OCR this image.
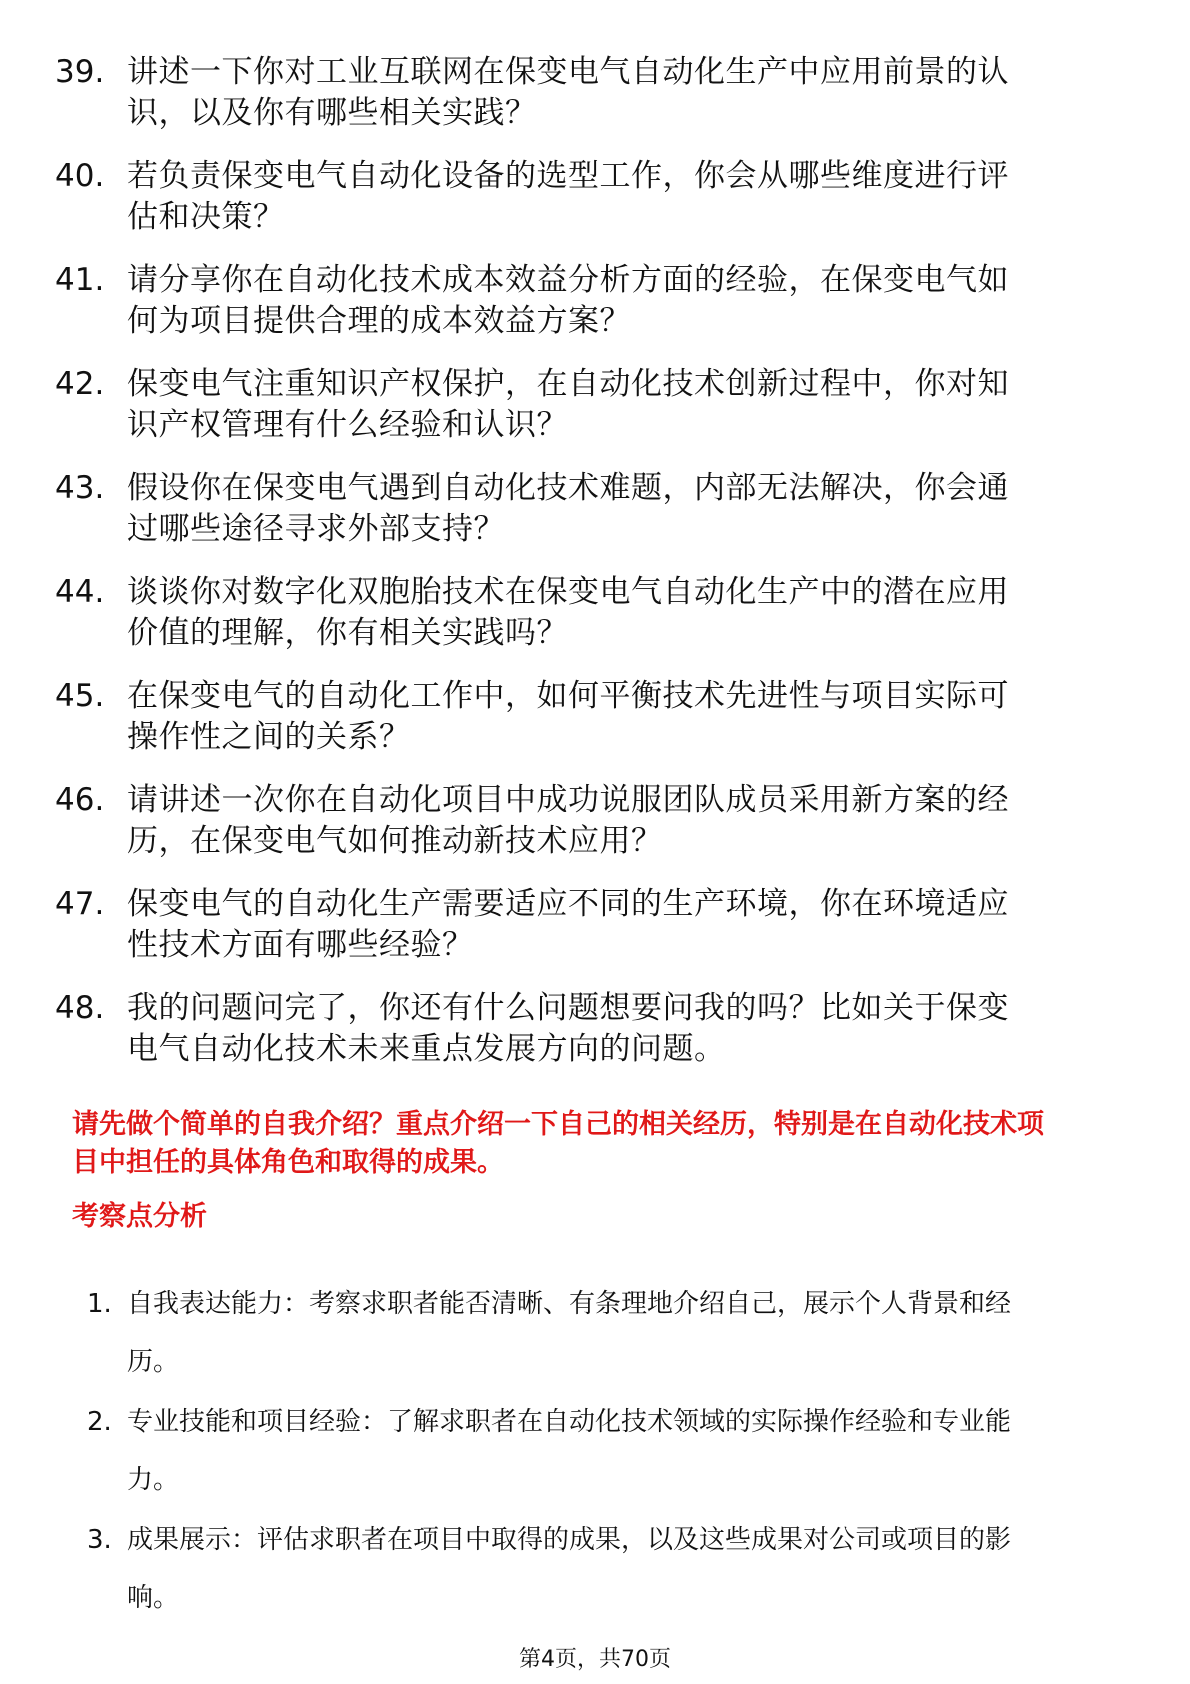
39. 讲述一下你对工业互联网在保变电气自动化生产中应用前景的认
识，以及你有哪些相关实践？
40. 若负责保变电气自动化设备的选型工作，你会从哪些维度进行评
估和决策？
41. 请分享你在自动化技术成本效益分析方面的经验，在保变电气如
何为项目提供合理的成本效益方案？
42. 保变电气注重知识产权保护，在自动化技术创新过程中，你对知
识产权管理有什么经验和认识？
43. 假设你在保变电气遇到自动化技术难题，内部无法解决，你会通
过哪些途径寻求外部支持？
44. 谈谈你对数字化双胞胎技术在保变电气自动化生产中的潜在应用
价值的理解，你有相关实践吗？
45. 在保变电气的自动化工作中，如何平衡技术先进性与项目实际可
操作性之间的关系？
46. 请讲述一次你在自动化项目中成功说服团队成员采用新方案的经
历，在保变电气如何推动新技术应用？
47. 保变电气的自动化生产需要适应不同的生产环境，你在环境适应
性技术方面有哪些经验？
48. 我的问题问完了，你还有什么问题想要问我的吗？比如关于保变
电气自动化技术未来重点发展方向的问题。
请先做个简单的自我介绍？重点介绍一下自己的相关经历，特别是在自动化技术项
目中担任的具体角色和取得的成果。
考察点分析
1. 自我表达能力：考察求职者能否清晰、有条理地介绍自己，展示个人背景和经
历。
2. 专业技能和项目经验：了解求职者在自动化技术领域的实际操作经验和专业能
力。
3. 成果展示：评估求职者在项目中取得的成果，以及这些成果对公司或项目的影
响。
第4页，共70页
